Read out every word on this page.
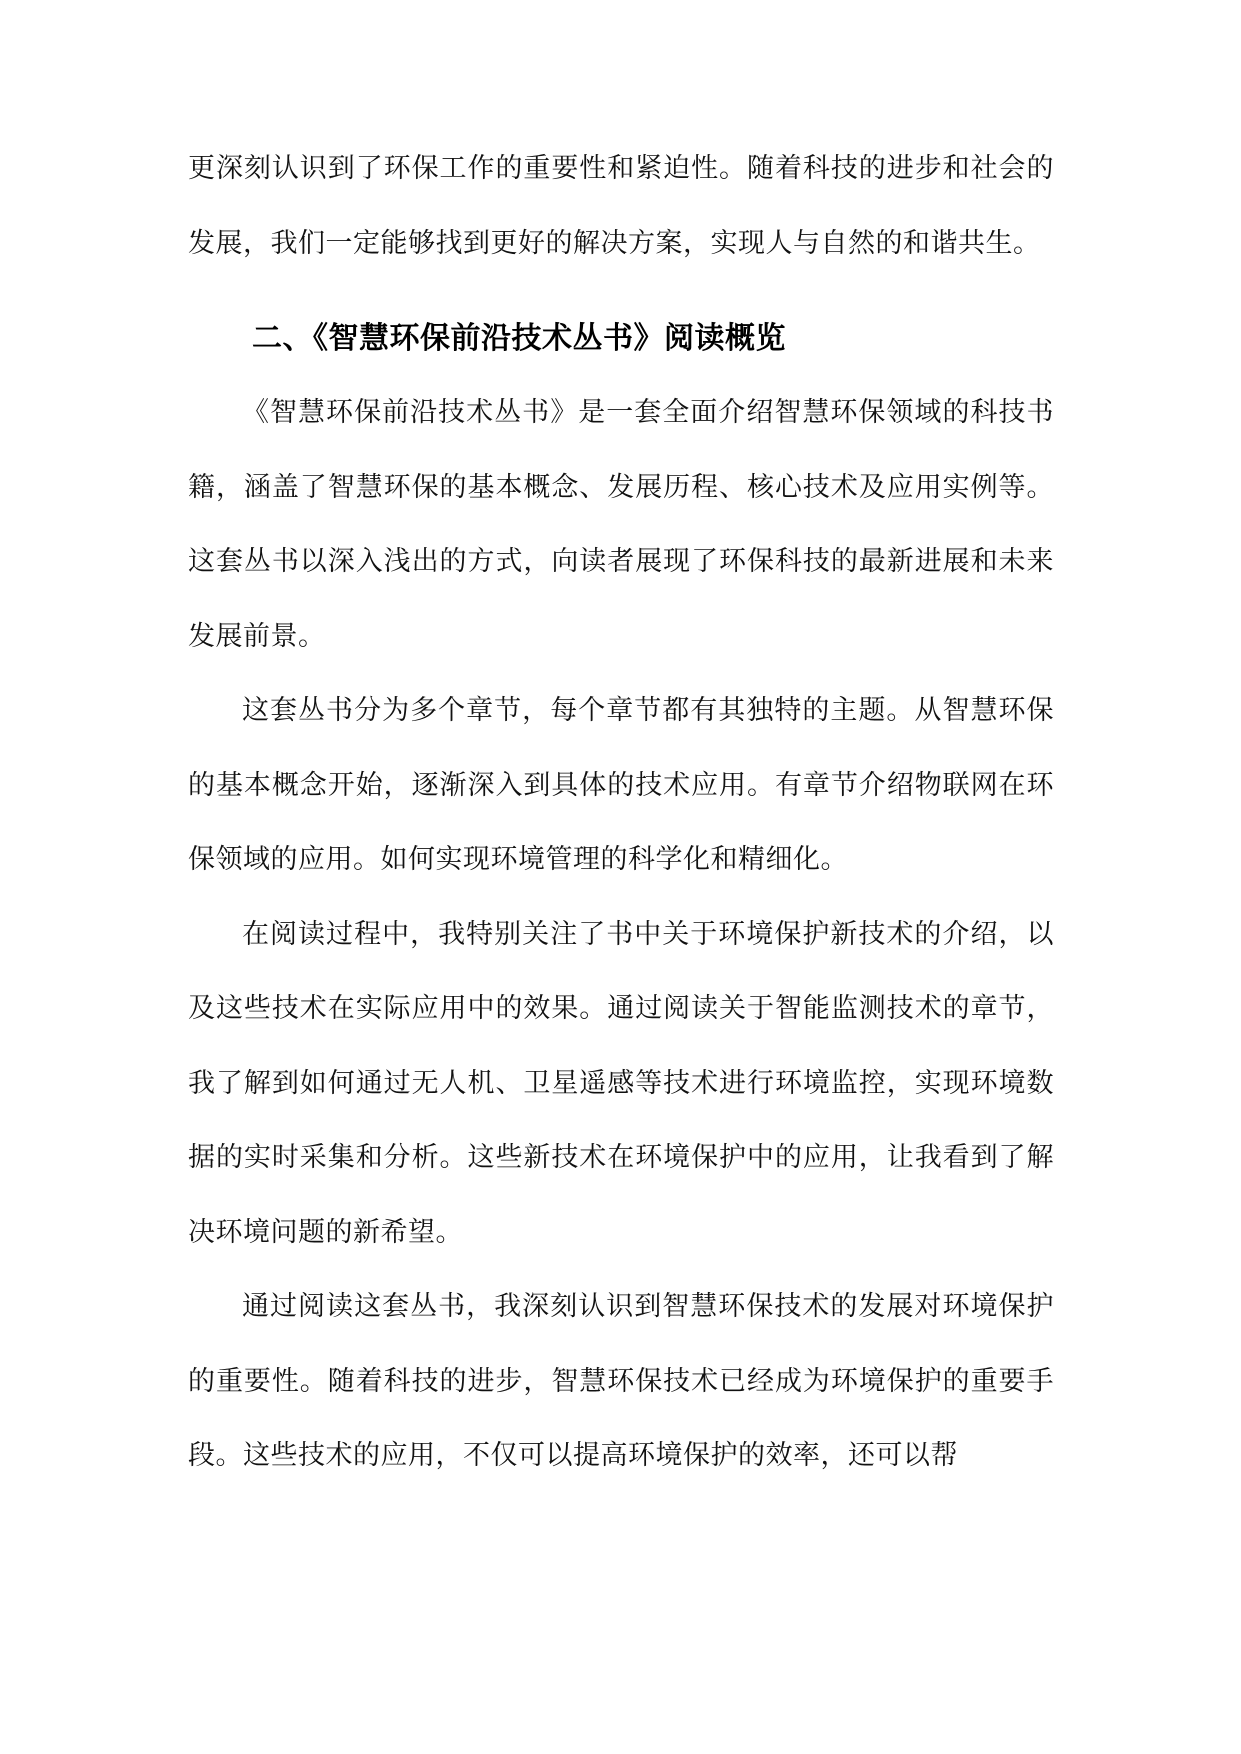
更深刻认识到了环保工作的重要性和紧迫性。随着科技的进步和社会的发展，我们一定能够找到更好的解决方案，实现人与自然的和谐共生。

二、《智慧环保前沿技术丛书》阅读概览

《智慧环保前沿技术丛书》是一套全面介绍智慧环保领域的科技书籍，涵盖了智慧环保的基本概念、发展历程、核心技术及应用实例等。这套丛书以深入浅出的方式，向读者展现了环保科技的最新进展和未来发展前景。

这套丛书分为多个章节，每个章节都有其独特的主题。从智慧环保的基本概念开始，逐渐深入到具体的技术应用。有章节介绍物联网在环保领域的应用。如何实现环境管理的科学化和精细化。

在阅读过程中，我特别关注了书中关于环境保护新技术的介绍，以及这些技术在实际应用中的效果。通过阅读关于智能监测技术的章节，我了解到如何通过无人机、卫星遥感等技术进行环境监控，实现环境数据的实时采集和分析。这些新技术在环境保护中的应用，让我看到了解决环境问题的新希望。

通过阅读这套丛书，我深刻认识到智慧环保技术的发展对环境保护的重要性。随着科技的进步，智慧环保技术已经成为环境保护的重要手段。这些技术的应用，不仅可以提高环境保护的效率，还可以帮
